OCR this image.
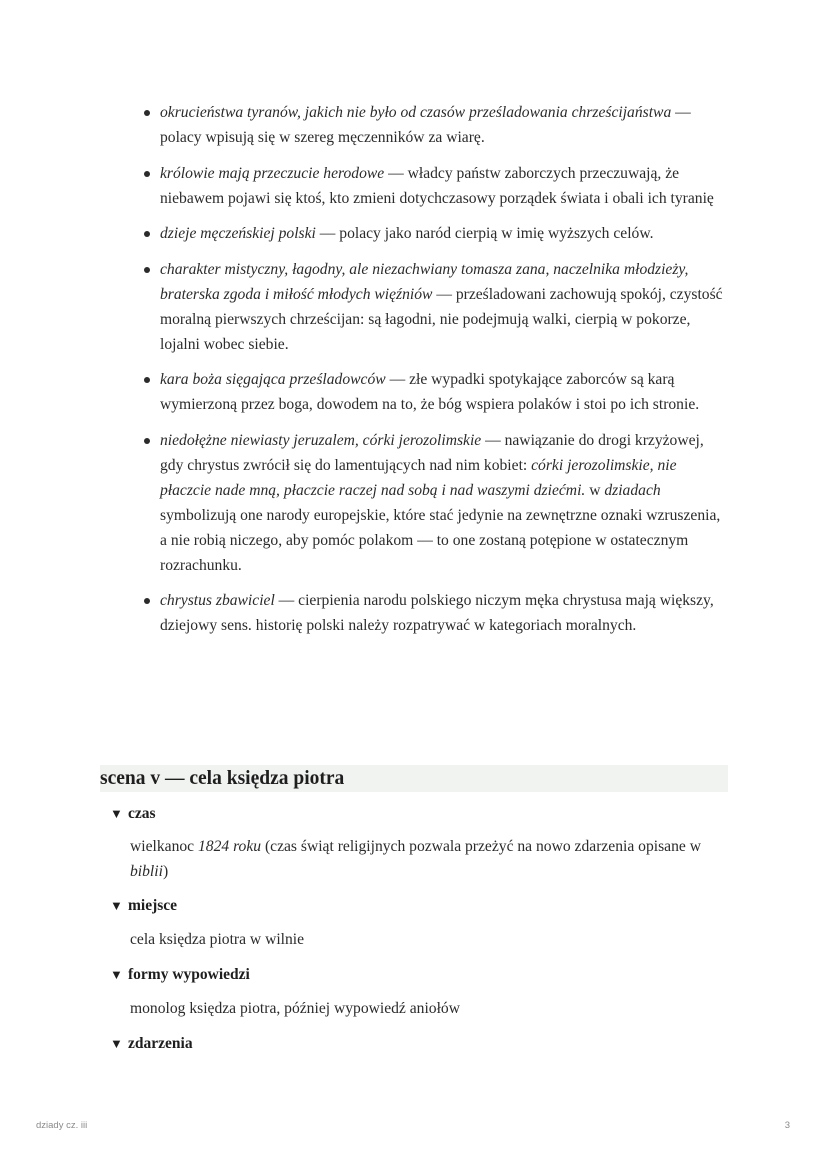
okrucieństwa tyranów, jakich nie było od czasów prześladowania chrześcijaństwa — polacy wpisują się w szereg męczenników za wiarę.

królowie mają przeczucie herodowe — władcy państw zaborczych przeczuwają, że niebawem pojawi się ktoś, kto zmieni dotychczasowy porządek świata i obali ich tyranię

dzieje męczeńskiej polski — polacy jako naród cierpią w imię wyższych celów.

charakter mistyczny, łagodny, ale niezachwiany tomasza zana, naczelnika młodzieży, braterska zgoda i miłość młodych więźniów — prześladowani zachowują spokój, czystość moralną pierwszych chrześcijan: są łagodni, nie podejmują walki, cierpią w pokorze, lojalni wobec siebie.

kara boża sięgająca prześladowców — złe wypadki spotykające zaborców są karą wymierzoną przez boga, dowodem na to, że bóg wspiera polaków i stoi po ich stronie.

niedołężne niewiasty jeruzalem, córki jerozolimskie — nawiązanie do drogi krzyżowej, gdy chrystus zwrócił się do lamentujących nad nim kobiet: córki jerozolimskie, nie płaczcie nade mną, płaczcie raczej nad sobą i nad waszymi dziećmi. w dziadach symbolizują one narody europejskie, które stać jedynie na zewnętrzne oznaki wzruszenia, a nie robią niczego, aby pomóc polakom — to one zostaną potępione w ostatecznym rozrachunku.

chrystus zbawiciel — cierpienia narodu polskiego niczym męka chrystusa mają większy, dziejowy sens. historię polski należy rozpatrywać w kategoriach moralnych.

scena v — cela księdza piotra
▼ czas

wielkanoc 1824 roku (czas świąt religijnych pozwala przeżyć na nowo zdarzenia opisane w biblii)

▼ miejsce

cela księdza piotra w wilnie

▼ formy wypowiedzi

monolog księdza piotra, później wypowiedź aniołów

▼ zdarzenia
dziady cz. iii	3
